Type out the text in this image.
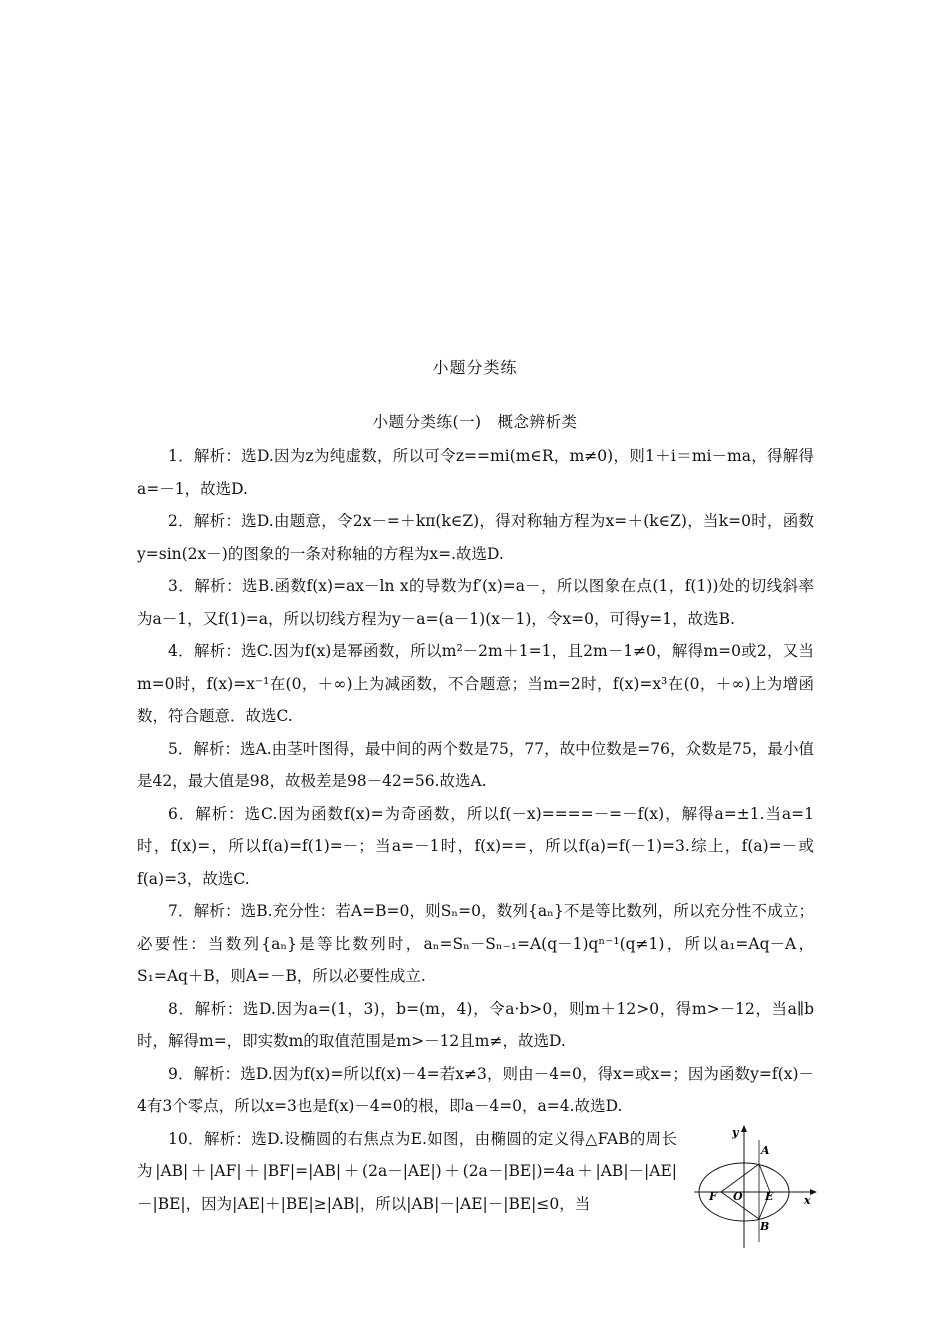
小题分类练
小题分类练(一)　概念辨析类

1．解析：选D.因为z为纯虚数，所以可令z==mi(m∈R，m≠0)，则1＋i＝mi－ma，得解得a=－1，故选D.

2．解析：选D.由题意，令2x－=＋kπ(k∈Z)，得对称轴方程为x=＋(k∈Z)，当k=0时，函数y=sin(2x－)的图象的一条对称轴的方程为x=.故选D.

3．解析：选B.函数f(x)=ax－ln x的导数为f′(x)=a－，所以图象在点(1，f(1))处的切线斜率为a－1，又f(1)=a，所以切线方程为y－a=(a－1)(x－1)，令x=0，可得y=1，故选B.

4．解析：选C.因为f(x)是幂函数，所以m²－2m＋1=1，且2m－1≠0，解得m=0或2，又当m=0时，f(x)=x⁻¹在(0，＋∞)上为减函数，不合题意；当m=2时，f(x)=x³在(0，＋∞)上为增函数，符合题意．故选C.

5．解析：选A.由茎叶图得，最中间的两个数是75，77，故中位数是=76，众数是75，最小值是42，最大值是98，故极差是98－42=56.故选A.

6．解析：选C.因为函数f(x)=为奇函数，所以f(－x)====－=－f(x)，解得a=±1.当a=1时，f(x)=，所以f(a)=f(1)=－；当a=－1时，f(x)==，所以f(a)=f(－1)=3.综上，f(a)=－或f(a)=3，故选C.

7．解析：选B.充分性：若A=B=0，则Sₙ=0，数列{aₙ}不是等比数列，所以充分性不成立；必要性：当数列{aₙ}是等比数列时，aₙ=Sₙ－Sₙ₋₁=A(q－1)qⁿ⁻¹(q≠1)，所以a₁=Aq－A，S₁=Aq＋B，则A=－B，所以必要性成立.

8．解析：选D.因为a=(1，3)，b=(m，4)，令a·b>0，则m＋12>0，得m>－12，当a∥b时，解得m=，即实数m的取值范围是m>－12且m≠，故选D.

9．解析：选D.因为f(x)=所以f(x)－4=若x≠3，则由－4=0，得x=或x=；因为函数y=f(x)－4有3个零点，所以x=3也是f(x)－4=0的根，即a－4=0，a=4.故选D.

10．解析：选D.设椭圆的右焦点为E.如图，由椭圆的定义得△FAB的周长为|AB|＋|AF|＋|BF|=|AB|＋(2a－|AE|)＋(2a－|BE|)=4a＋|AB|－|AE|－|BE|，因为|AE|＋|BE|≥|AB|，所以|AB|－|AE|－|BE|≤0，当

y
x
A
B
F O E
